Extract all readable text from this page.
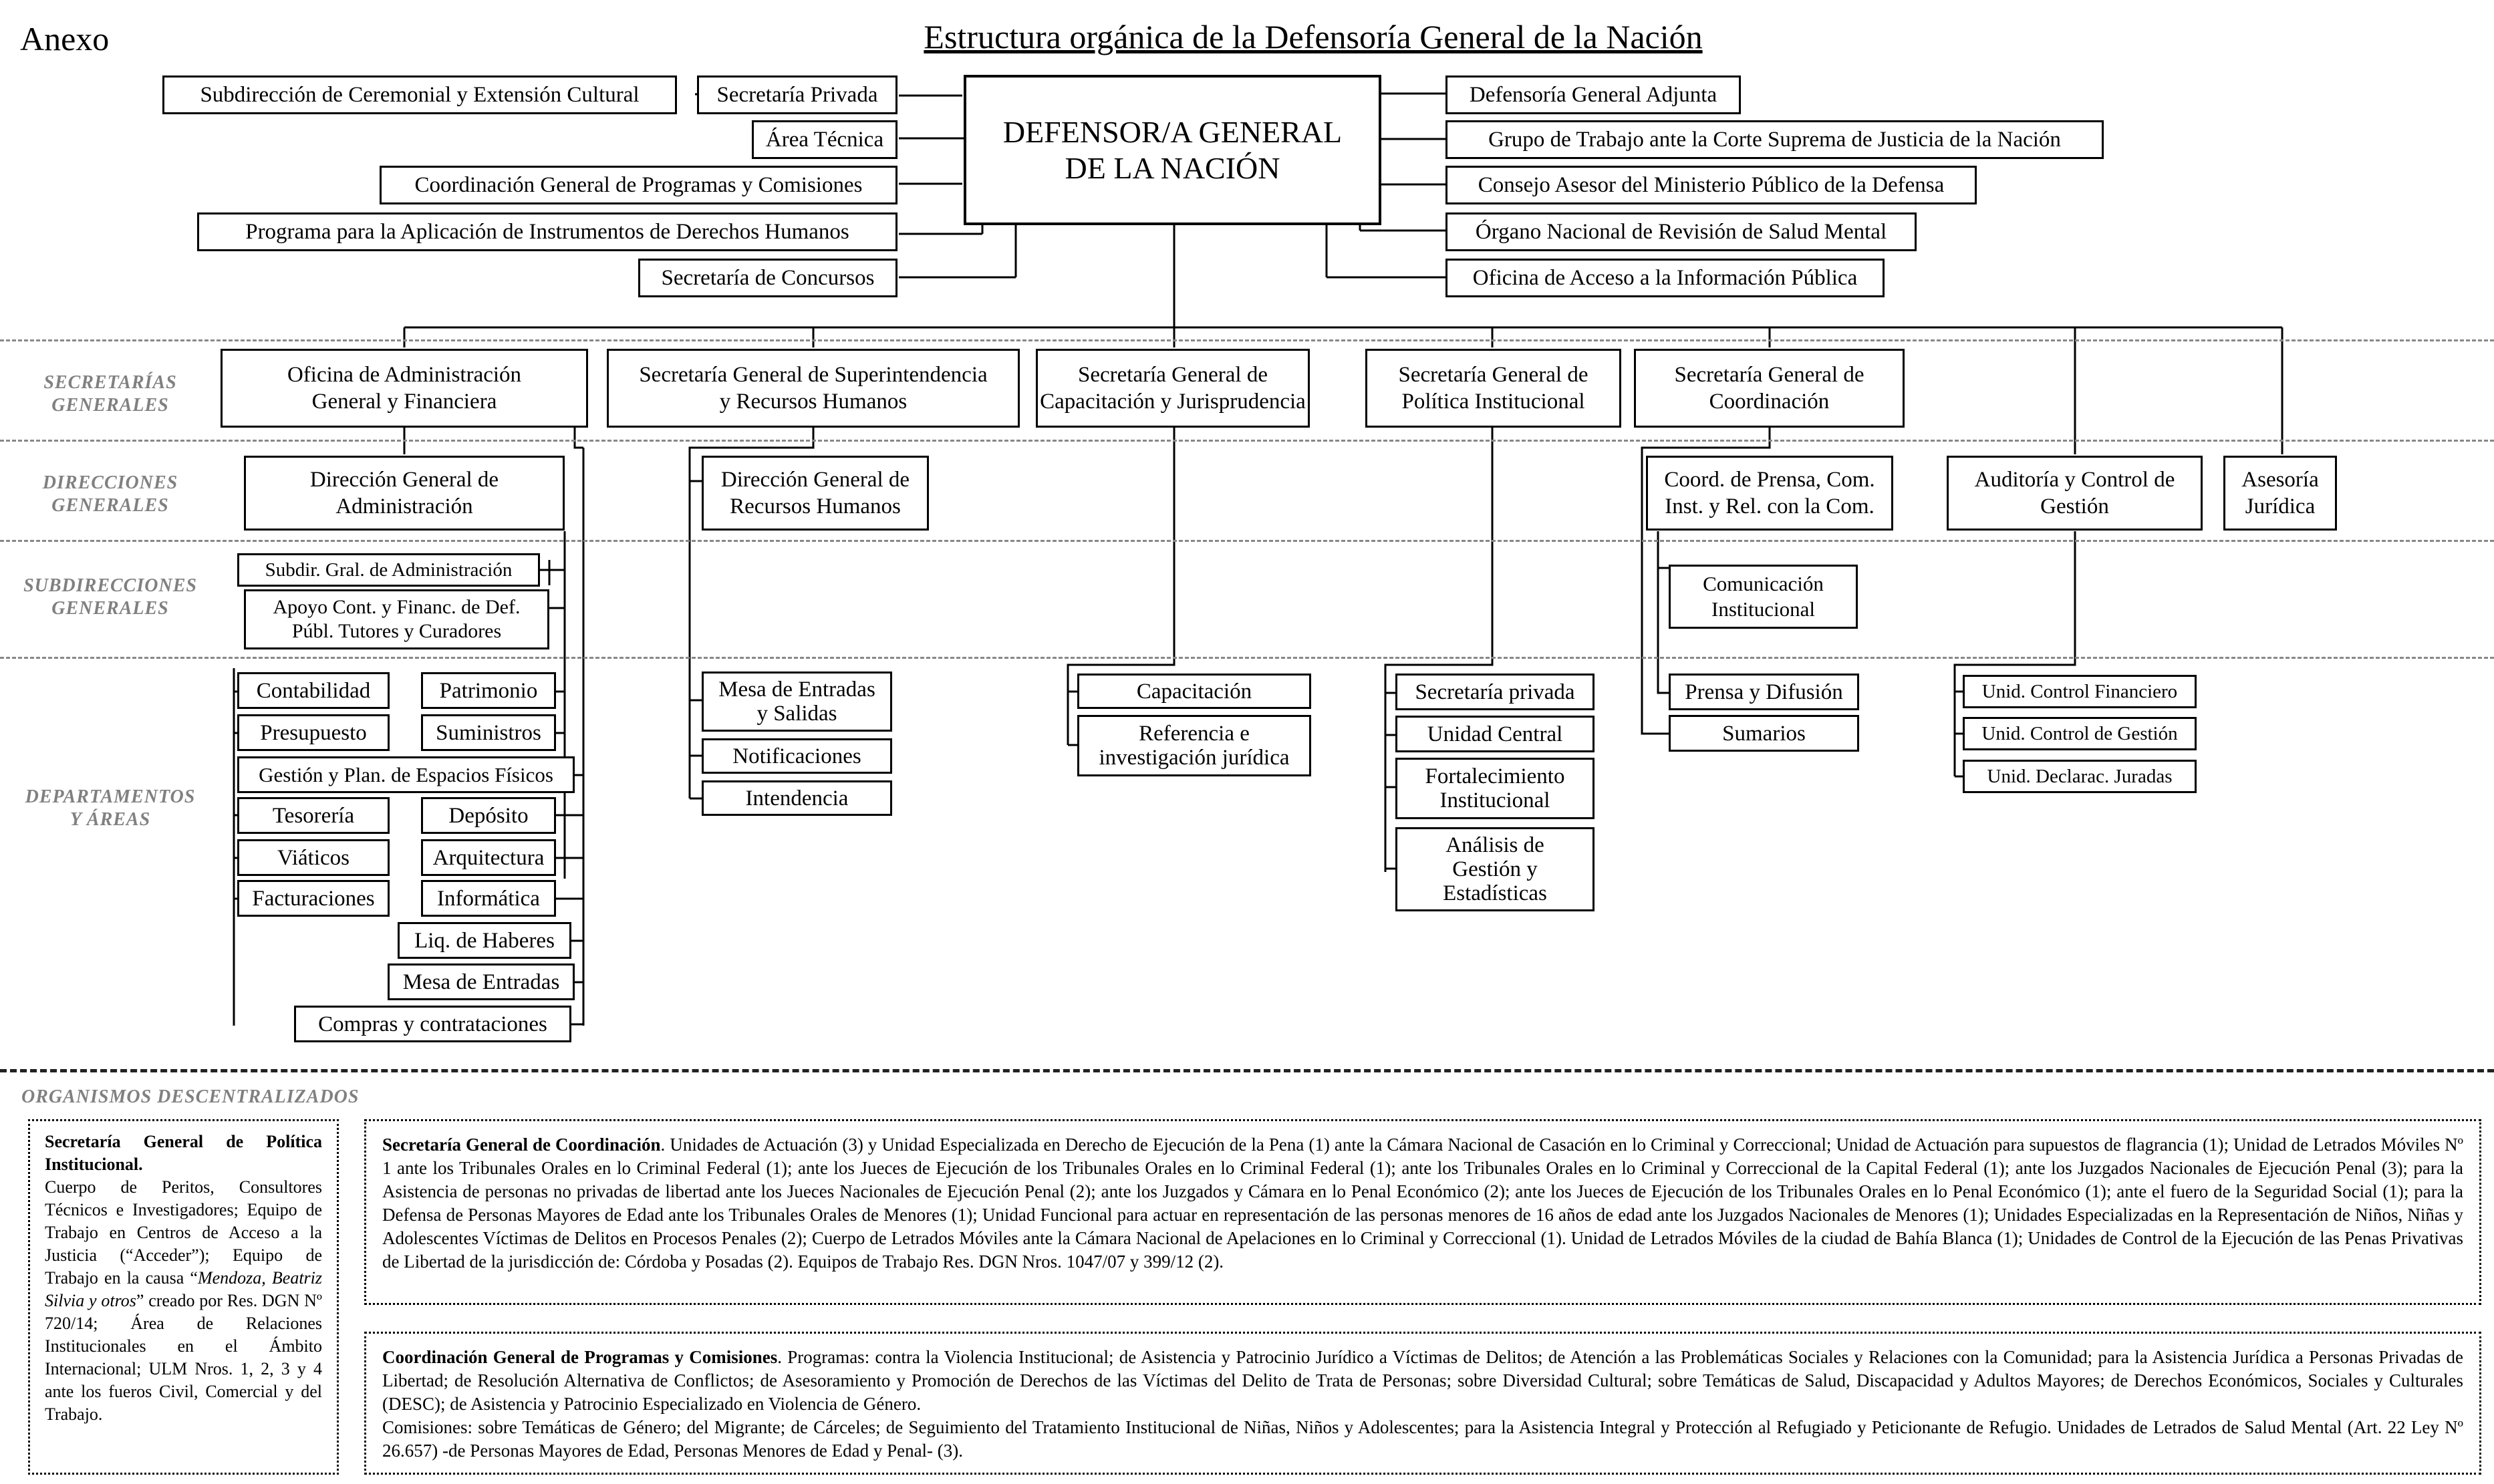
Anexo	Estructura orgánica de la Defensoría General de la Nación
DEFENSOR/A GENERAL
DE LA NACIÓN
Subdirección de Ceremonial y Extensión Cultural	Secretaría Privada
Área Técnica
Coordinación General de Programas y Comisiones
Programa para la Aplicación de Instrumentos de Derechos Humanos
Secretaría de Concursos
Defensoría General Adjunta
Grupo de Trabajo ante la Corte Suprema de Justicia de la Nación
Consejo Asesor del Ministerio Público de la Defensa
Órgano Nacional de Revisión de Salud Mental
Oficina de Acceso a la Información Pública
SECRETARÍAS
GENERALES
DIRECCIONES
GENERALES
SUBDIRECCIONES
GENERALES
DEPARTAMENTOS
Y ÁREAS
ORGANISMOS DESCENTRALIZADOS
Oficina de Administración
General y Financiera
Secretaría General de Superintendencia
y Recursos Humanos
Secretaría General de
Capacitación y Jurisprudencia
Secretaría General de
Política Institucional
Secretaría General de
Coordinación
Dirección General de
Administración
Dirección General de
Recursos Humanos
Coord. de Prensa, Com.
Inst. y Rel. con la Com.
Auditoría y Control de
Gestión
Asesoría
Jurídica
Subdir. Gral. de Administración
Apoyo Cont. y Financ. de Def.
Públ. Tutores y Curadores
Comunicación
Institucional
Contabilidad	Patrimonio
Presupuesto	Suministros
Gestión y Plan. de Espacios Físicos
Tesorería	Depósito
Viáticos	Arquitectura
Facturaciones	Informática
Liq. de Haberes
Mesa de Entradas
Compras y contrataciones
Mesa de Entradas
y Salidas
Notificaciones
Intendencia
Capacitación
Referencia e
investigación jurídica
Secretaría privada
Unidad Central
Fortalecimiento
Institucional
Análisis de
Gestión y
Estadísticas
Prensa y Difusión
Sumarios
Unid. Control Financiero
Unid. Control de Gestión
Unid. Declarac. Juradas
Secretaría General de Política Institucional.
Cuerpo de Peritos, Consultores Técnicos e Investigadores; Equipo de Trabajo en Centros de Acceso a la Justicia (“Acceder”); Equipo de Trabajo en la causa “Mendoza, Beatriz Silvia y otros” creado por Res. DGN Nº 720/14; Área de Relaciones Institucionales en el Ámbito Internacional; ULM Nros. 1, 2, 3 y 4 ante los fueros Civil, Comercial y del Trabajo.
Secretaría General de Coordinación. Unidades de Actuación (3) y Unidad Especializada en Derecho de Ejecución de la Pena (1) ante la Cámara Nacional de Casación en lo Criminal y Correccional; Unidad de Actuación para supuestos de flagrancia (1); Unidad de Letrados Móviles Nº 1 ante los Tribunales Orales en lo Criminal Federal (1); ante los Jueces de Ejecución de los Tribunales Orales en lo Criminal Federal (1); ante los Tribunales Orales en lo Criminal y Correccional de la Capital Federal (1); ante los Juzgados Nacionales de Ejecución Penal (3); para la Asistencia de personas no privadas de libertad ante los Jueces Nacionales de Ejecución Penal (2); ante los Juzgados y Cámara en lo Penal Económico (2); ante los Jueces de Ejecución de los Tribunales Orales en lo Penal Económico (1); ante el fuero de la Seguridad Social (1); para la Defensa de Personas Mayores de Edad ante los Tribunales Orales de Menores (1); Unidad Funcional para actuar en representación de las personas menores de 16 años de edad ante los Juzgados Nacionales de Menores (1); Unidades Especializadas en la Representación de Niños, Niñas y Adolescentes Víctimas de Delitos en Procesos Penales (2); Cuerpo de Letrados Móviles ante la Cámara Nacional de Apelaciones en lo Criminal y Correccional (1). Unidad de Letrados Móviles de la ciudad de Bahía Blanca (1); Unidades de Control de la Ejecución de las Penas Privativas de Libertad de la jurisdicción de: Córdoba y Posadas (2). Equipos de Trabajo Res. DGN Nros. 1047/07 y 399/12 (2).

Coordinación General de Programas y Comisiones. Programas: contra la Violencia Institucional; de Asistencia y Patrocinio Jurídico a Víctimas de Delitos; de Atención a las Problemáticas Sociales y Relaciones con la Comunidad; para la Asistencia Jurídica a Personas Privadas de Libertad; de Resolución Alternativa de Conflictos; de Asesoramiento y Promoción de Derechos de las Víctimas del Delito de Trata de Personas; sobre Diversidad Cultural; sobre Temáticas de Salud, Discapacidad y Adultos Mayores; de Derechos Económicos, Sociales y Culturales (DESC); de Asistencia y Patrocinio Especializado en Violencia de Género.

Comisiones: sobre Temáticas de Género; del Migrante; de Cárceles; de Seguimiento del Tratamiento Institucional de Niñas, Niños y Adolescentes; para la Asistencia Integral y Protección al Refugiado y Peticionante de Refugio. Unidades de Letrados de Salud Mental (Art. 22 Ley Nº 26.657) -de Personas Mayores de Edad, Personas Menores de Edad y Penal- (3).
